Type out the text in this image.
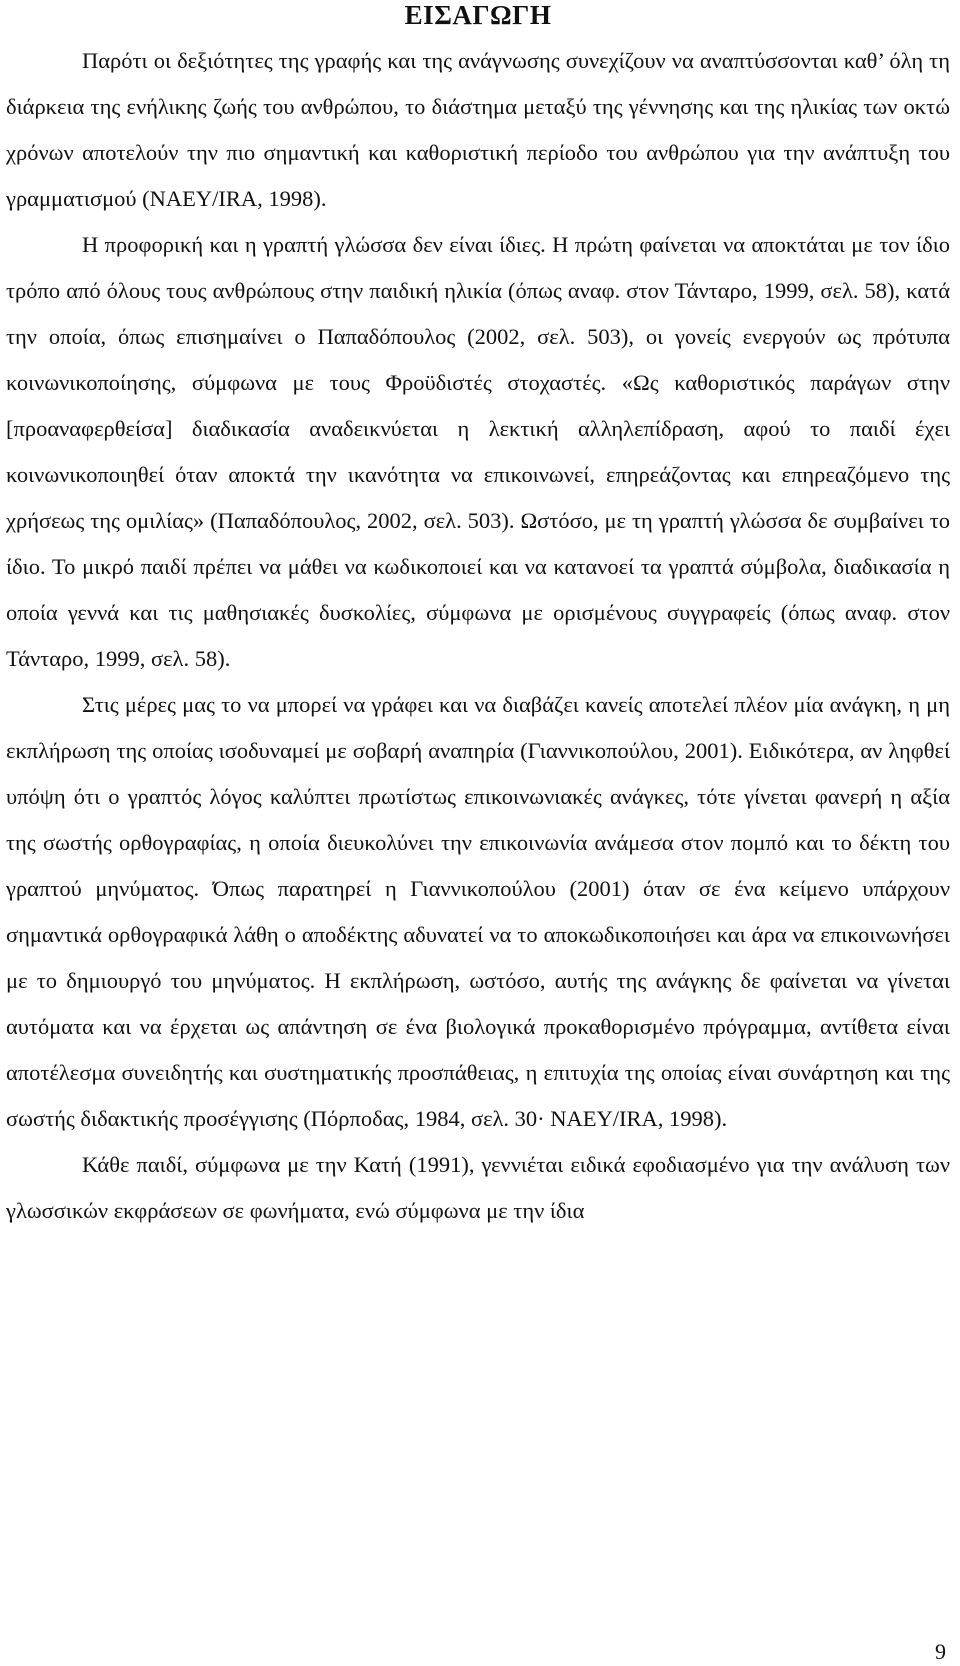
ΕΙΣΑΓΩΓΗ

Παρότι οι δεξιότητες της γραφής και της ανάγνωσης συνεχίζουν να αναπτύσσονται καθ’ όλη τη διάρκεια της ενήλικης ζωής του ανθρώπου, το διάστημα μεταξύ της γέννησης και της ηλικίας των οκτώ χρόνων αποτελούν την πιο σημαντική και καθοριστική περίοδο του ανθρώπου για την ανάπτυξη του γραμματισμού (NAEY/IRA, 1998).

Η προφορική και η γραπτή γλώσσα δεν είναι ίδιες. Η πρώτη φαίνεται να αποκτάται με τον ίδιο τρόπο από όλους τους ανθρώπους στην παιδική ηλικία (όπως αναφ. στον Τάνταρο, 1999, σελ. 58), κατά την οποία, όπως επισημαίνει ο Παπαδόπουλος (2002, σελ. 503), οι γονείς ενεργούν ως πρότυπα κοινωνικοποίησης, σύμφωνα με τους Φροϋδιστές στοχαστές. «Ως καθοριστικός παράγων στην [προαναφερθείσα] διαδικασία αναδεικνύεται η λεκτική αλληλεπίδραση, αφού το παιδί έχει κοινωνικοποιηθεί όταν αποκτά την ικανότητα να επικοινωνεί, επηρεάζοντας και επηρεαζόμενο της χρήσεως της ομιλίας» (Παπαδόπουλος, 2002, σελ. 503). Ωστόσο, με τη γραπτή γλώσσα δε συμβαίνει το ίδιο. Το μικρό παιδί πρέπει να μάθει να κωδικοποιεί και να κατανοεί τα γραπτά σύμβολα, διαδικασία η οποία γεννά και τις μαθησιακές δυσκολίες, σύμφωνα με ορισμένους συγγραφείς (όπως αναφ. στον Τάνταρο, 1999, σελ. 58).

Στις μέρες μας το να μπορεί να γράφει και να διαβάζει κανείς αποτελεί πλέον μία ανάγκη, η μη εκπλήρωση της οποίας ισοδυναμεί με σοβαρή αναπηρία (Γιαννικοπούλου, 2001). Ειδικότερα, αν ληφθεί υπόψη ότι ο γραπτός λόγος καλύπτει πρωτίστως επικοινωνιακές ανάγκες, τότε γίνεται φανερή η αξία της σωστής ορθογραφίας, η οποία διευκολύνει την επικοινωνία ανάμεσα στον πομπό και το δέκτη του γραπτού μηνύματος. Όπως παρατηρεί η Γιαννικοπούλου (2001) όταν σε ένα κείμενο υπάρχουν σημαντικά ορθογραφικά λάθη ο αποδέκτης αδυνατεί να το αποκωδικοποιήσει και άρα να επικοινωνήσει με το δημιουργό του μηνύματος. Η εκπλήρωση, ωστόσο, αυτής της ανάγκης δε φαίνεται να γίνεται αυτόματα και να έρχεται ως απάντηση σε ένα βιολογικά προκαθορισμένο πρόγραμμα, αντίθετα είναι αποτέλεσμα συνειδητής και συστηματικής προσπάθειας, η επιτυχία της οποίας είναι συνάρτηση και της σωστής διδακτικής προσέγγισης (Πόρποδας, 1984, σελ. 30· NAEY/IRA, 1998).

Κάθε παιδί, σύμφωνα με την Κατή (1991), γεννιέται ειδικά εφοδιασμένο για την ανάλυση των γλωσσικών εκφράσεων σε φωνήματα, ενώ σύμφωνα με την ίδια

9
